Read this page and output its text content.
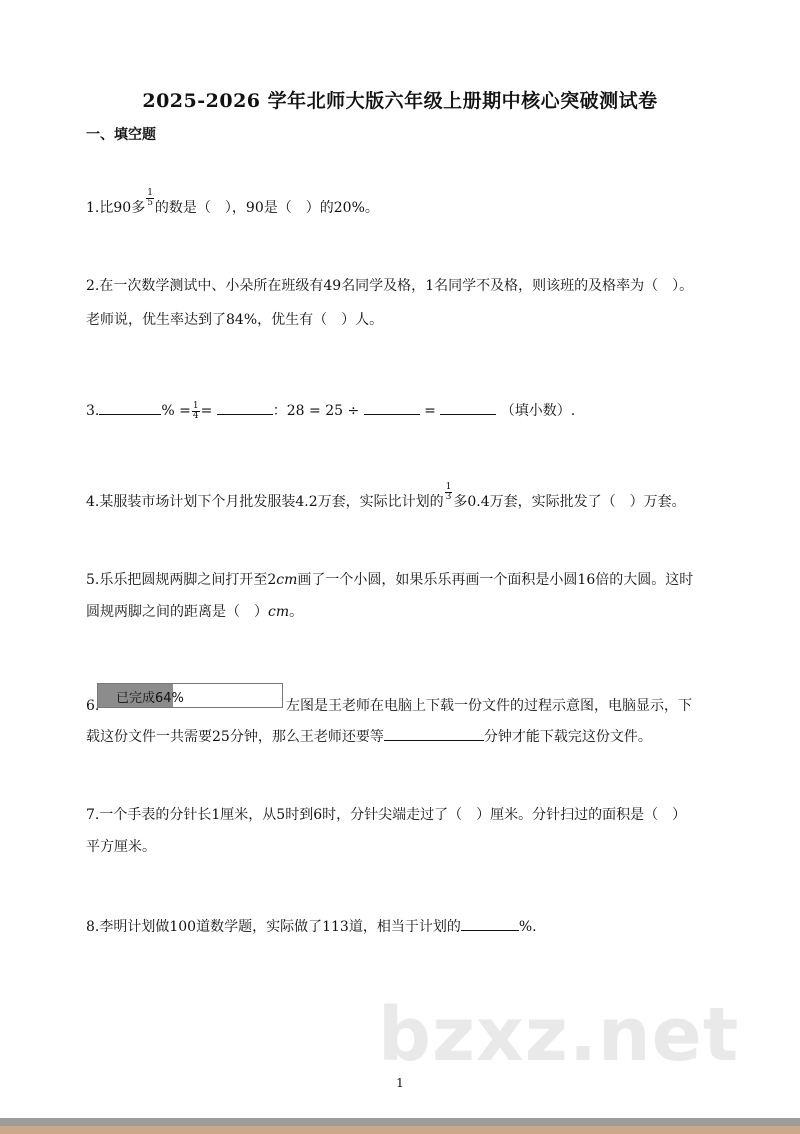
2025-2026 学年北师大版六年级上册期中核心突破测试卷
一、填空题
1.比90多
$\frac{1}{5}$
的数是（　），90是（　）的20%。
2.在一次数学测试中、小朵所在班级有49名同学及格，1名同学不及格，则该班的及格率为（　）。
老师说，优生率达到了84%，优生有（　）人。
3.	% = $\frac{1}{4}$ =	：28 = 25 ÷	=	（填小数）.
4.某服装市场计划下个月批发服装4.2万套，实际比计划的
$\frac{1}{3}$
多0.4万套，实际批发了（　）万套。
5.乐乐把圆规两脚之间打开至2cm画了一个小圆，如果乐乐再画一个面积是小圆16倍的大圆。这时
圆规两脚之间的距离是（　）cm。
已完成64%
6.	左图是王老师在电脑上下载一份文件的过程示意图，电脑显示，下
载这份文件一共需要25分钟，那么王老师还要等	分钟才能下载完这份文件。
7.一个手表的分针长1厘米，从5时到6时，分针尖端走过了（　）厘米。分针扫过的面积是（　）
平方厘米。
8.李明计划做100道数学题，实际做了113道，相当于计划的	%.
bzxz.net
1
